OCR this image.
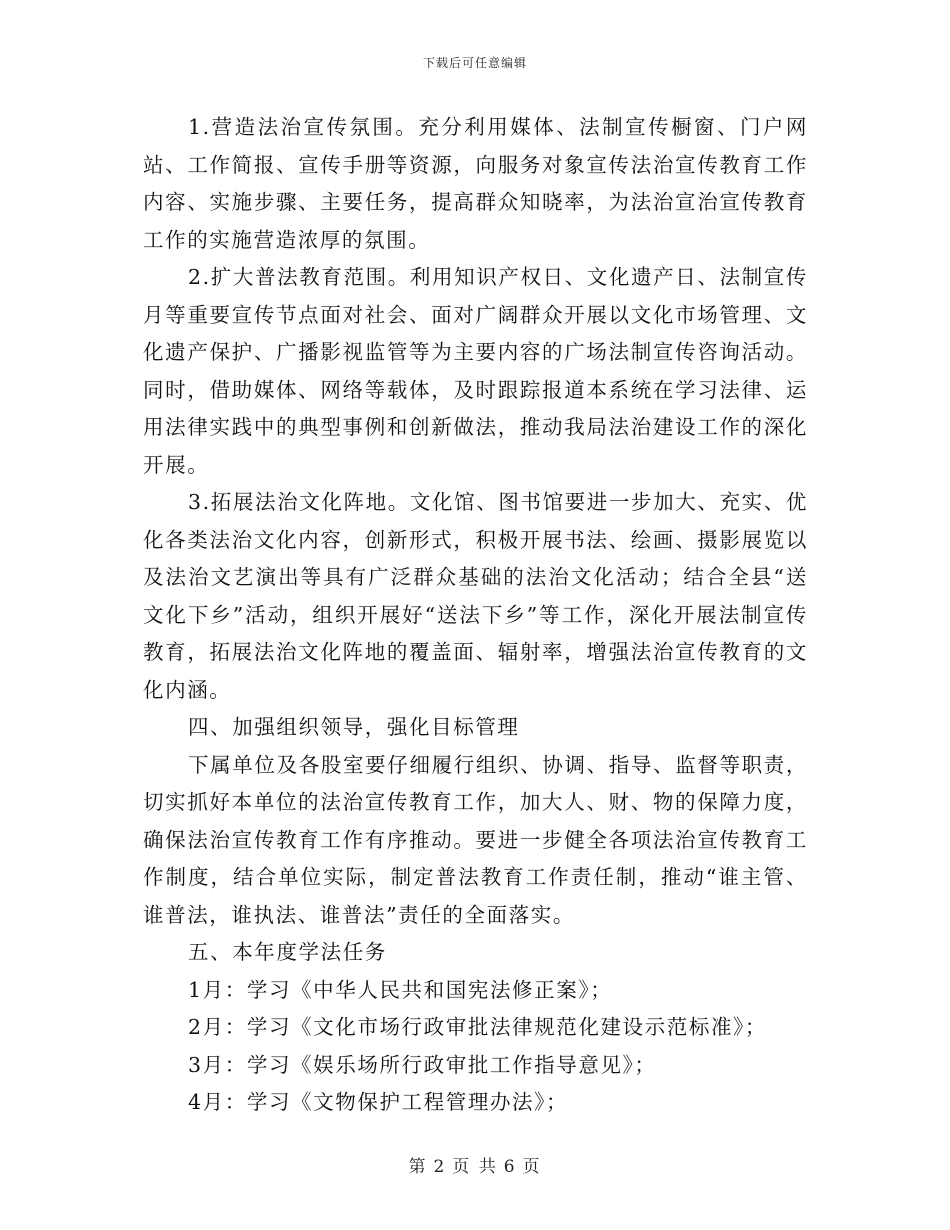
下载后可任意编辑

1.营造法治宣传氛围。充分利用媒体、法制宣传橱窗、门户网站、工作简报、宣传手册等资源，向服务对象宣传法治宣传教育工作内容、实施步骤、主要任务，提高群众知晓率，为法治宣治宣传教育工作的实施营造浓厚的氛围。

2.扩大普法教育范围。利用知识产权日、文化遗产日、法制宣传月等重要宣传节点面对社会、面对广阔群众开展以文化市场管理、文化遗产保护、广播影视监管等为主要内容的广场法制宣传咨询活动。同时，借助媒体、网络等载体，及时跟踪报道本系统在学习法律、运用法律实践中的典型事例和创新做法，推动我局法治建设工作的深化开展。

3.拓展法治文化阵地。文化馆、图书馆要进一步加大、充实、优化各类法治文化内容，创新形式，积极开展书法、绘画、摄影展览以及法治文艺演出等具有广泛群众基础的法治文化活动；结合全县“送文化下乡”活动，组织开展好“送法下乡”等工作，深化开展法制宣传教育，拓展法治文化阵地的覆盖面、辐射率，增强法治宣传教育的文化内涵。

四、加强组织领导，强化目标管理

下属单位及各股室要仔细履行组织、协调、指导、监督等职责，切实抓好本单位的法治宣传教育工作，加大人、财、物的保障力度，确保法治宣传教育工作有序推动。要进一步健全各项法治宣传教育工作制度，结合单位实际，制定普法教育工作责任制，推动“谁主管、谁普法，谁执法、谁普法”责任的全面落实。

五、本年度学法任务

1月：学习《中华人民共和国宪法修正案》；

2月：学习《文化市场行政审批法律规范化建设示范标准》；

3月：学习《娱乐场所行政审批工作指导意见》；

4月：学习《文物保护工程管理办法》；

第 2 页 共 6 页
